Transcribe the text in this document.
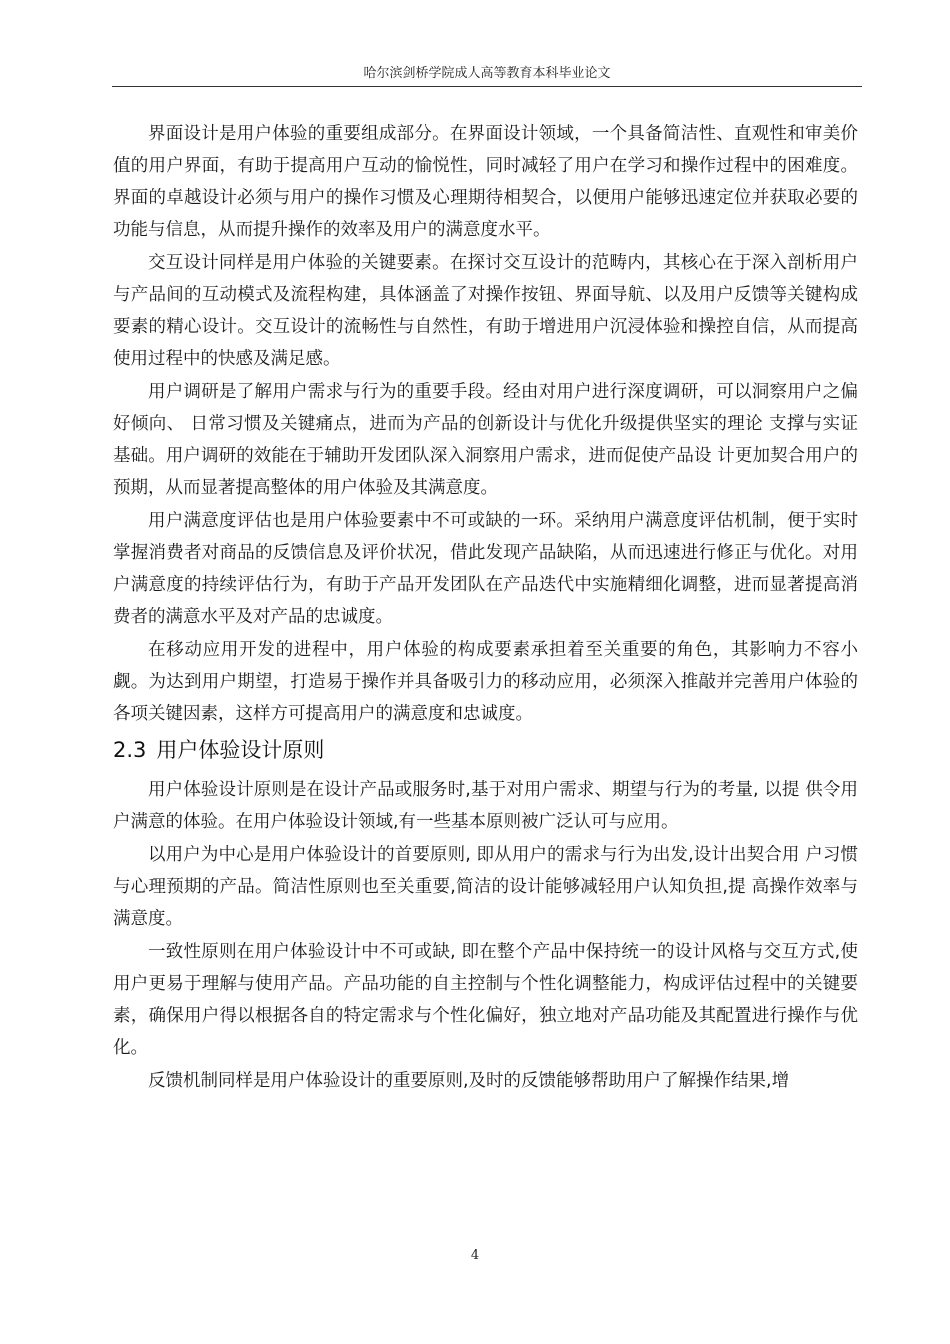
哈尔滨剑桥学院成人高等教育本科毕业论文

界面设计是用户体验的重要组成部分。在界面设计领域，一个具备简洁性、直观性和审美价值的用户界面，有助于提高用户互动的愉悦性，同时减轻了用户在学习和操作过程中的困难度。界面的卓越设计必须与用户的操作习惯及心理期待相契合，以便用户能够迅速定位并获取必要的功能与信息，从而提升操作的效率及用户的满意度水平。

交互设计同样是用户体验的关键要素。在探讨交互设计的范畴内，其核心在于深入剖析用户与产品间的互动模式及流程构建，具体涵盖了对操作按钮、界面导航、以及用户反馈等关键构成要素的精心设计。交互设计的流畅性与自然性，有助于增进用户沉浸体验和操控自信，从而提高使用过程中的快感及满足感。

用户调研是了解用户需求与行为的重要手段。经由对用户进行深度调研，可以洞察用户之偏好倾向、 日常习惯及关键痛点，进而为产品的创新设计与优化升级提供坚实的理论 支撑与实证基础。用户调研的效能在于辅助开发团队深入洞察用户需求，进而促使产品设 计更加契合用户的预期，从而显著提高整体的用户体验及其满意度。

用户满意度评估也是用户体验要素中不可或缺的一环。采纳用户满意度评估机制，便于实时掌握消费者对商品的反馈信息及评价状况，借此发现产品缺陷，从而迅速进行修正与优化。对用户满意度的持续评估行为，有助于产品开发团队在产品迭代中实施精细化调整，进而显著提高消费者的满意水平及对产品的忠诚度。

在移动应用开发的进程中，用户体验的构成要素承担着至关重要的角色，其影响力不容小觑。为达到用户期望，打造易于操作并具备吸引力的移动应用，必须深入推敲并完善用户体验的各项关键因素，这样方可提高用户的满意度和忠诚度。

2.3 用户体验设计原则

用户体验设计原则是在设计产品或服务时,基于对用户需求、期望与行为的考量, 以提 供令用户满意的体验。在用户体验设计领域,有一些基本原则被广泛认可与应用。

以用户为中心是用户体验设计的首要原则, 即从用户的需求与行为出发,设计出契合用 户习惯与心理预期的产品。简洁性原则也至关重要,简洁的设计能够减轻用户认知负担,提 高操作效率与满意度。

一致性原则在用户体验设计中不可或缺, 即在整个产品中保持统一的设计风格与交互方式,使用户更易于理解与使用产品。产品功能的自主控制与个性化调整能力，构成评估过程中的关键要素，确保用户得以根据各自的特定需求与个性化偏好，独立地对产品功能及其配置进行操作与优化。

反馈机制同样是用户体验设计的重要原则,及时的反馈能够帮助用户了解操作结果,增

4
